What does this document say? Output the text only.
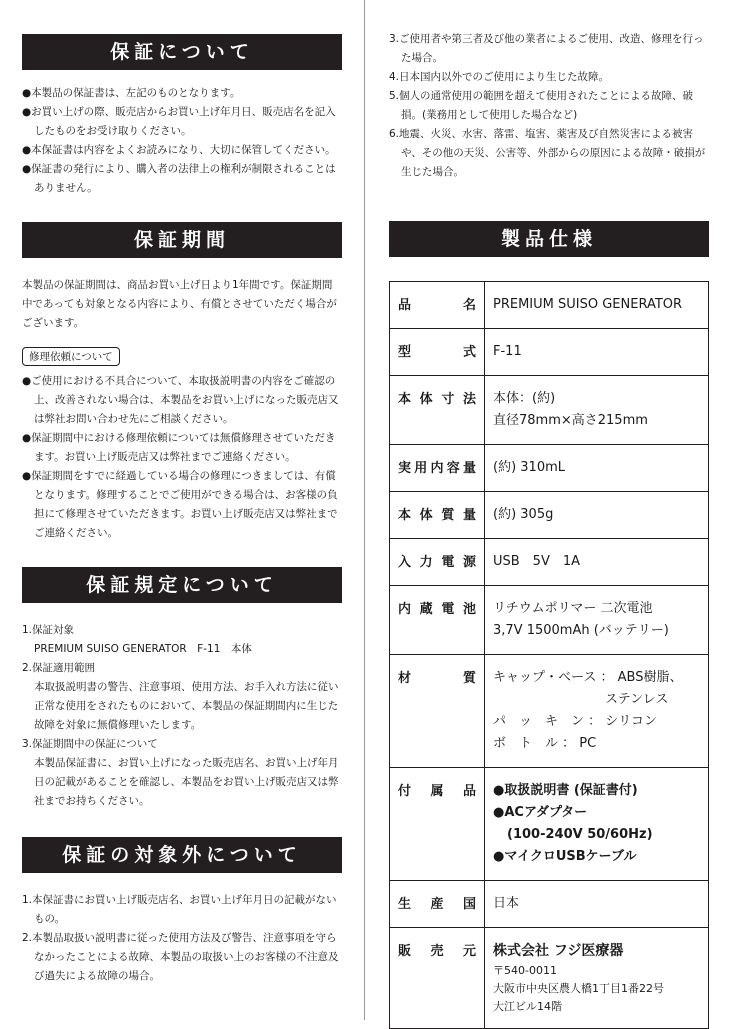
保証について

●本製品の保証書は、左記のものとなります。

●お買い上げの際、販売店からお買い上げ年月日、販売店名を記入したものをお受け取りください。

●本保証書は内容をよくお読みになり、大切に保管してください。

●保証書の発行により、購入者の法律上の権利が制限されることはありません。

保証期間

本製品の保証期間は、商品お買い上げ日より1年間です。保証期間中であっても対象となる内容により、有償とさせていただく場合がございます。

修理依頼について

●ご使用における不具合について、本取扱説明書の内容をご確認の上、改善されない場合は、本製品をお買い上げになった販売店又は弊社お問い合わせ先にご相談ください。

●保証期間中における修理依頼については無償修理させていただきます。お買い上げ販売店又は弊社までご連絡ください。

●保証期間をすでに経過している場合の修理につきましては、有償となります。修理することでご使用ができる場合は、お客様の負担にて修理させていただきます。お買い上げ販売店又は弊社までご連絡ください。

保証規定について

1.保証対象

PREMIUM SUISO GENERATOR　F-11　本体

2.保証適用範囲

本取扱説明書の警告、注意事項、使用方法、お手入れ方法に従い正常な使用をされたものにおいて、本製品の保証期間内に生じた故障を対象に無償修理いたします。

3.保証期間中の保証について

本製品保証書に、お買い上げになった販売店名、お買い上げ年月日の記載があることを確認し、本製品をお買い上げ販売店又は弊社までお持ちください。

保証の対象外について

1.本保証書にお買い上げ販売店名、お買い上げ年月日の記載がないもの。

2.本製品取扱い説明書に従った使用方法及び警告、注意事項を守らなかったことによる故障、本製品の取扱い上のお客様の不注意及び過失による故障の場合。

3.ご使用者や第三者及び他の業者によるご使用、改造、修理を行った場合。

4.日本国内以外でのご使用により生じた故障。

5.個人の通常使用の範囲を超えて使用されたことによる故障、破損。(業務用として使用した場合など)

6.地震、火災、水害、落雷、塩害、薬害及び自然災害による被害や、その他の天災、公害等、外部からの原因による故障・破損が生じた場合。

製品仕様
品　名	PREMIUM SUISO GENERATOR
型　式	F-11
本体寸法	本体：(約)
直径78mm×高さ215mm

実用内容量	(約) 310mL
本体質量	(約) 305g
入力電源	USB　5V　1A
内蔵電池	リチウムポリマー 二次電池
3,7V 1500mAh (バッテリー)

材　質	キャップ・ベース ： ABS樹脂、
ステンレス
パ　ッ　キ　ン ： シリコン
ボ　ト　ル ： PC

付属品	●取扱説明書 (保証書付)
●ACアダプター
(100-240V 50/60Hz)
●マイクロUSBケーブル

生産国	日本
販売元	株式会社 フジ医療器
〒540-0011
大阪市中央区農人橋1丁目1番22号
大江ビル14階
